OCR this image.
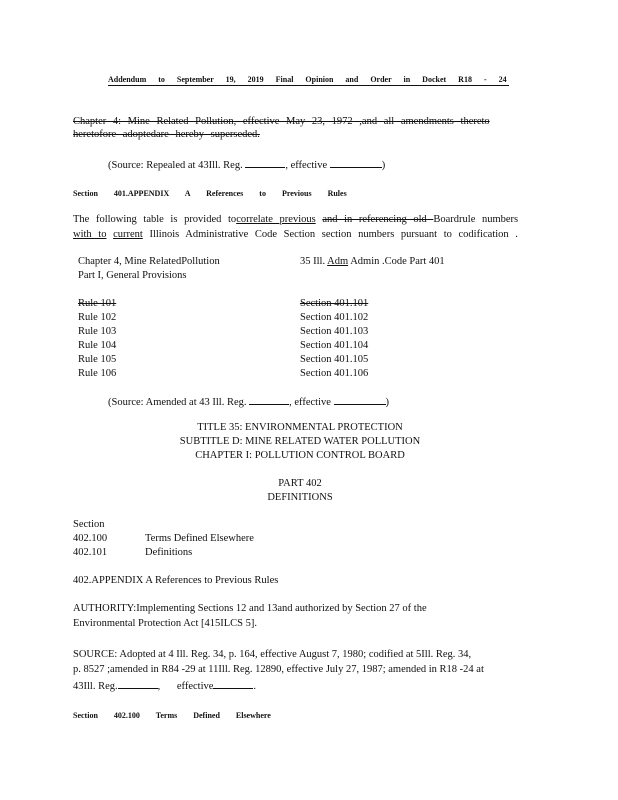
Addendum to September 19, 2019 Final Opinion and Order in Docket R18 - 24
Chapter 4: Mine Related Pollution, effective May 23, 1972 ,and all amendments thereto
heretofore adoptedare hereby superseded.
(Source: Repealed at 43Ill. Reg.	, effective	)
Section 401.APPENDIX A References to Previous Rules
The following table is provided tocorrelate previous and in referencing old Boardrule numbers
with to current Illinois Administrative Code Section section numbers pursuant to codification .
Chapter 4, Mine RelatedPollution
Part I, General Provisions
35 Ill. Adm Admin .Code Part 401
Rule 101	Section 401.101
Rule 102	Section 401.102
Rule 103	Section 401.103
Rule 104	Section 401.104
Rule 105	Section 401.105
Rule 106	Section 401.106
(Source: Amended at 43 Ill. Reg.	, effective	)
TITLE 35: ENVIRONMENTAL PROTECTION
SUBTITLE D: MINE RELATED WATER POLLUTION
CHAPTER I: POLLUTION CONTROL BOARD
PART 402
DEFINITIONS
Section
402.100	Terms Defined Elsewhere
402.101	Definitions
402.APPENDIX A References to Previous Rules
AUTHORITY:Implementing Sections 12 and 13and authorized by Section 27 of the
Environmental Protection Act [415ILCS 5].
SOURCE: Adopted at 4 Ill. Reg. 34, p. 164, effective August 7, 1980; codified at 5Ill. Reg. 34,
p. 8527 ;amended in R84 -29 at 11Ill. Reg. 12890, effective July 27, 1987; amended in R18 -24 at
43Ill. Reg.	, effective	.
Section 402.100 Terms Defined Elsewhere
